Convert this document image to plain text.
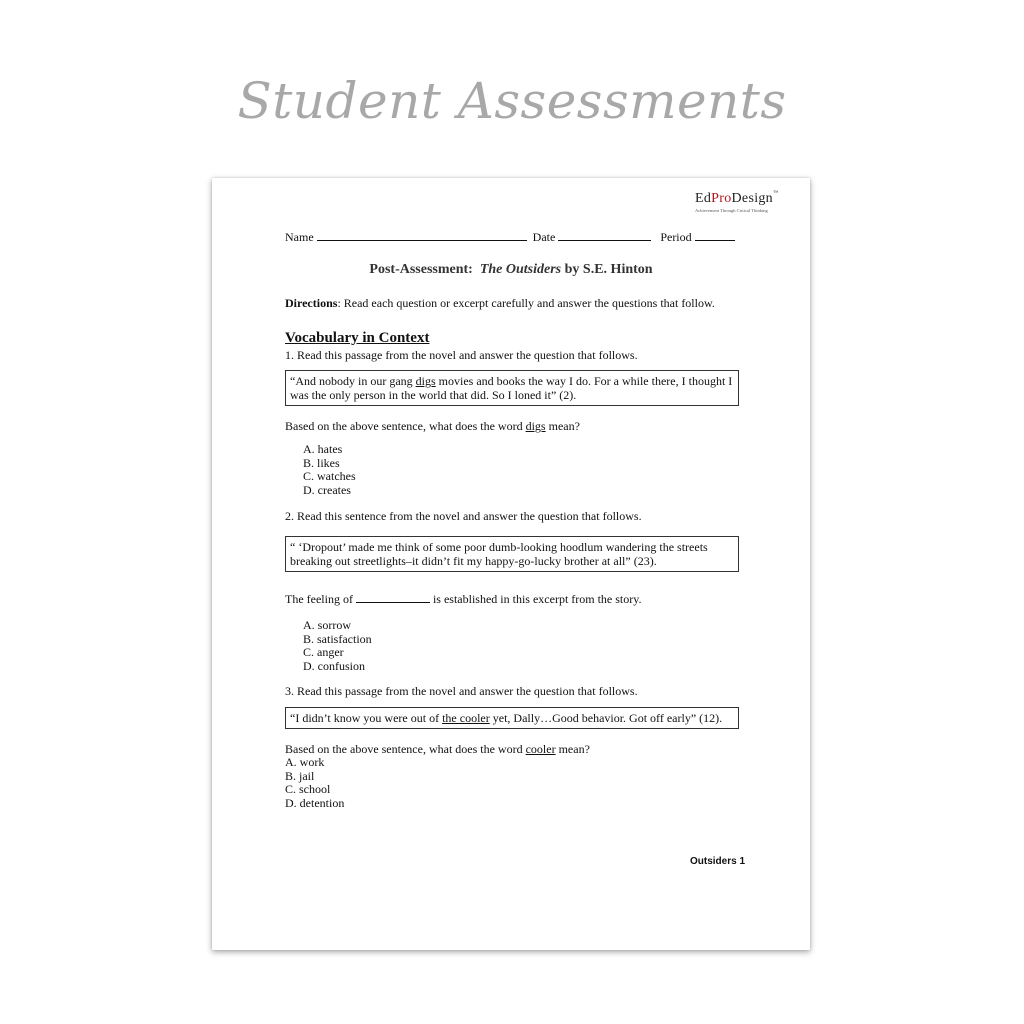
Student Assessments
EdProDesign™
Achievement Through Critical Thinking
Name	Date	Period
Post-Assessment: The Outsiders by S.E. Hinton
Directions: Read each question or excerpt carefully and answer the questions that follow.
Vocabulary in Context
1. Read this passage from the novel and answer the question that follows.
“And nobody in our gang digs movies and books the way I do. For a while there, I thought I was the only person in the world that did. So I loned it” (2).
Based on the above sentence, what does the word digs mean?
A. hates
B. likes
C. watches
D. creates
2. Read this sentence from the novel and answer the question that follows.
“ ‘Dropout’ made me think of some poor dumb-looking hoodlum wandering the streets breaking out streetlights–it didn’t fit my happy-go-lucky brother at all” (23).
The feeling of	is established in this excerpt from the story.
A. sorrow
B. satisfaction
C. anger
D. confusion
3. Read this passage from the novel and answer the question that follows.
“I didn’t know you were out of the cooler yet, Dally…Good behavior. Got off early” (12).
Based on the above sentence, what does the word cooler mean?
A. work
B. jail
C. school
D. detention
Outsiders 1
